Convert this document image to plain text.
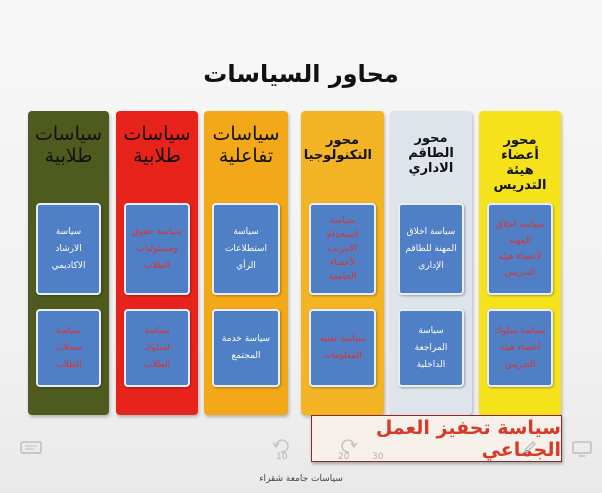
محاور السياسات
سياسات طلابية
سياسة
الارشاد
الاكاديمي
سياسة
سجلات
الطلاب
سياسات طلابية
سياسة حقوق
ومسئوليات
الطلاب
سياسة
لسلوك
الطلاب
سياسات تفاعلية
سياسة
استطلاعات
الرأي
سياسة خدمة
المجتمع
محور التكنولوجيا
سياسة
استخدام
الانترنت
لأعضاء
الجامعة
سياسة تقنية
المعلومات
محور الطاقم الاداري
سياسة اخلاق
المهنة للطاقم
الإداري
سياسة
المراجعة
الداخلية
محور أعضاء هيئة التدريس
سياسة اخلاق
المهنة
لأعضاء هيئة
التدريس
سياسة سلوك
أعضاء هيئة
التدريس
سياسة تحفيز العمل الجماعي
سياسات جامعة شقراء
10	20	30
